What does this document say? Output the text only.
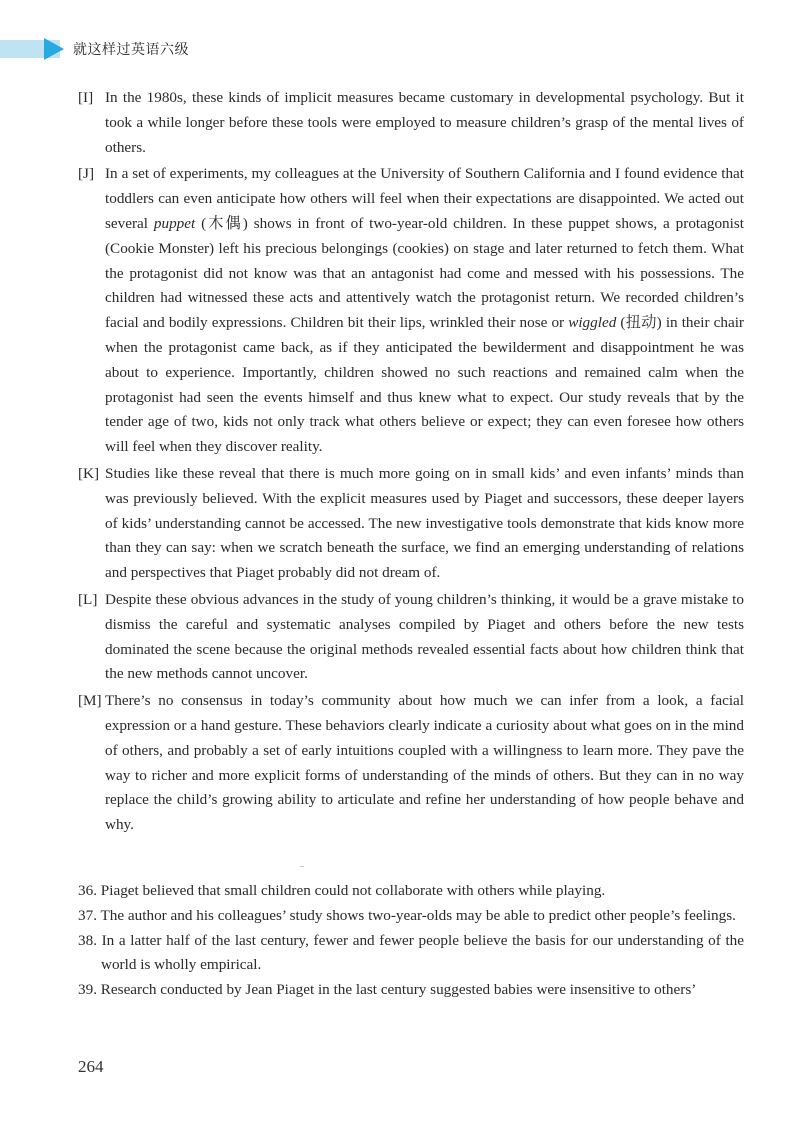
就这样过英语六级

[I] In the 1980s, these kinds of implicit measures became customary in developmental psychology. But it took a while longer before these tools were employed to measure children’s grasp of the mental lives of others.

[J] In a set of experiments, my colleagues at the University of Southern California and I found evidence that toddlers can even anticipate how others will feel when their expectations are disappointed. We acted out several puppet (木偶) shows in front of two-year-old children. In these puppet shows, a protagonist (Cookie Monster) left his precious belongings (cookies) on stage and later returned to fetch them. What the protagonist did not know was that an antagonist had come and messed with his possessions. The children had witnessed these acts and attentively watch the protagonist return. We recorded children’s facial and bodily expressions. Children bit their lips, wrinkled their nose or wiggled (扭动) in their chair when the protagonist came back, as if they anticipated the bewilderment and disappointment he was about to experience. Importantly, children showed no such reactions and remained calm when the protagonist had seen the events himself and thus knew what to expect. Our study reveals that by the tender age of two, kids not only track what others believe or expect; they can even foresee how others will feel when they discover reality.

[K] Studies like these reveal that there is much more going on in small kids’ and even infants’ minds than was previously believed. With the explicit measures used by Piaget and successors, these deeper layers of kids’ understanding cannot be accessed. The new investigative tools demonstrate that kids know more than they can say: when we scratch beneath the surface, we find an emerging understanding of relations and perspectives that Piaget probably did not dream of.

[L] Despite these obvious advances in the study of young children’s thinking, it would be a grave mistake to dismiss the careful and systematic analyses compiled by Piaget and others before the new tests dominated the scene because the original methods revealed essential facts about how children think that the new methods cannot uncover.

[M] There’s no consensus in today’s community about how much we can infer from a look, a facial expression or a hand gesture. These behaviors clearly indicate a curiosity about what goes on in the mind of others, and probably a set of early intuitions coupled with a willingness to learn more. They pave the way to richer and more explicit forms of understanding of the minds of others. But they can in no way replace the child’s growing ability to articulate and refine her understanding of how people behave and why.

36. Piaget believed that small children could not collaborate with others while playing.

37. The author and his colleagues’ study shows two-year-olds may be able to predict other people’s feelings.

38. In a latter half of the last century, fewer and fewer people believe the basis for our understanding of the world is wholly empirical.

39. Research conducted by Jean Piaget in the last century suggested babies were insensitive to others’

264
